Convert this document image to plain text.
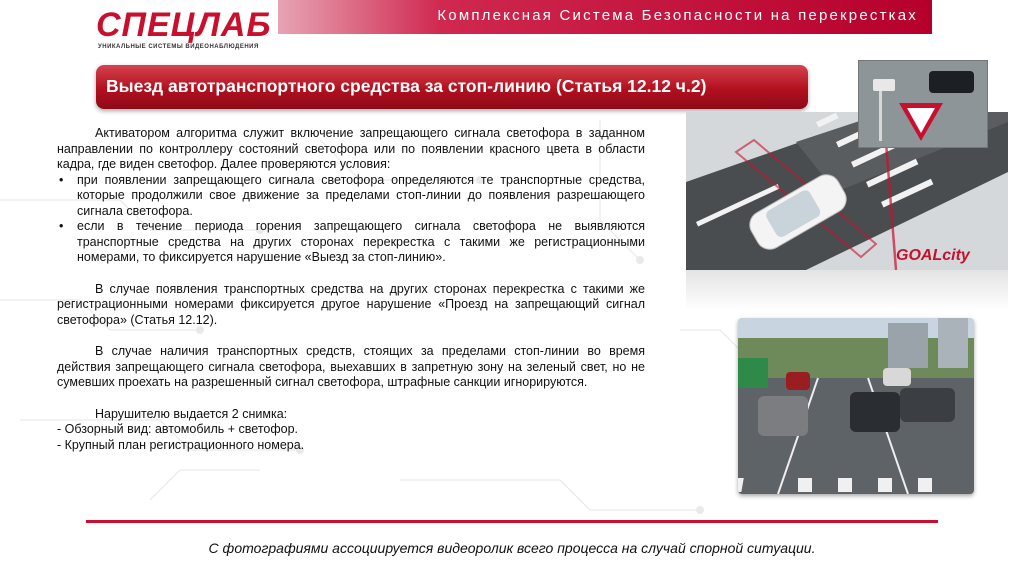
СПЕЦЛАБ
УНИКАЛЬНЫЕ СИСТЕМЫ ВИДЕОНАБЛЮДЕНИЯ
Комплексная Система Безопасности на перекрестках
Выезд автотранспортного средства за стоп-линию (Статья 12.12 ч.2)

Активатором алгоритма служит включение запрещающего сигнала светофора в заданном направлении по контроллеру состояний светофора или по появлении красного цвета в области кадра, где виден светофор. Далее проверяются условия:

• при появлении запрещающего сигнала светофора определяются те транспортные средства, которые продолжили свое движение за пределами стоп-линии до появления разрешающего сигнала светофора.
• если в течение периода горения запрещающего сигнала светофора не выявляются транспортные средства на других сторонах перекрестка с такими же регистрационными номерами, то фиксируется нарушение «Выезд за стоп-линию».

В случае появления транспортных средства на других сторонах перекрестка с такими же регистрационными номерами фиксируется другое нарушение «Проезд на запрещающий сигнал светофора» (Статья 12.12).

В случае наличия транспортных средств, стоящих за пределами стоп-линии во время действия запрещающего сигнала светофора, выехавших в запретную зону на зеленый свет, но не сумевших проехать на разрешенный сигнал светофора, штрафные санкции игнорируются.

Нарушителю выдается 2 снимка:

- Обзорный вид: автомобиль + светофор.

- Крупный план регистрационного номера.

GOALcity
С фотографиями ассоциируется видеоролик всего процесса на случай спорной ситуации.
